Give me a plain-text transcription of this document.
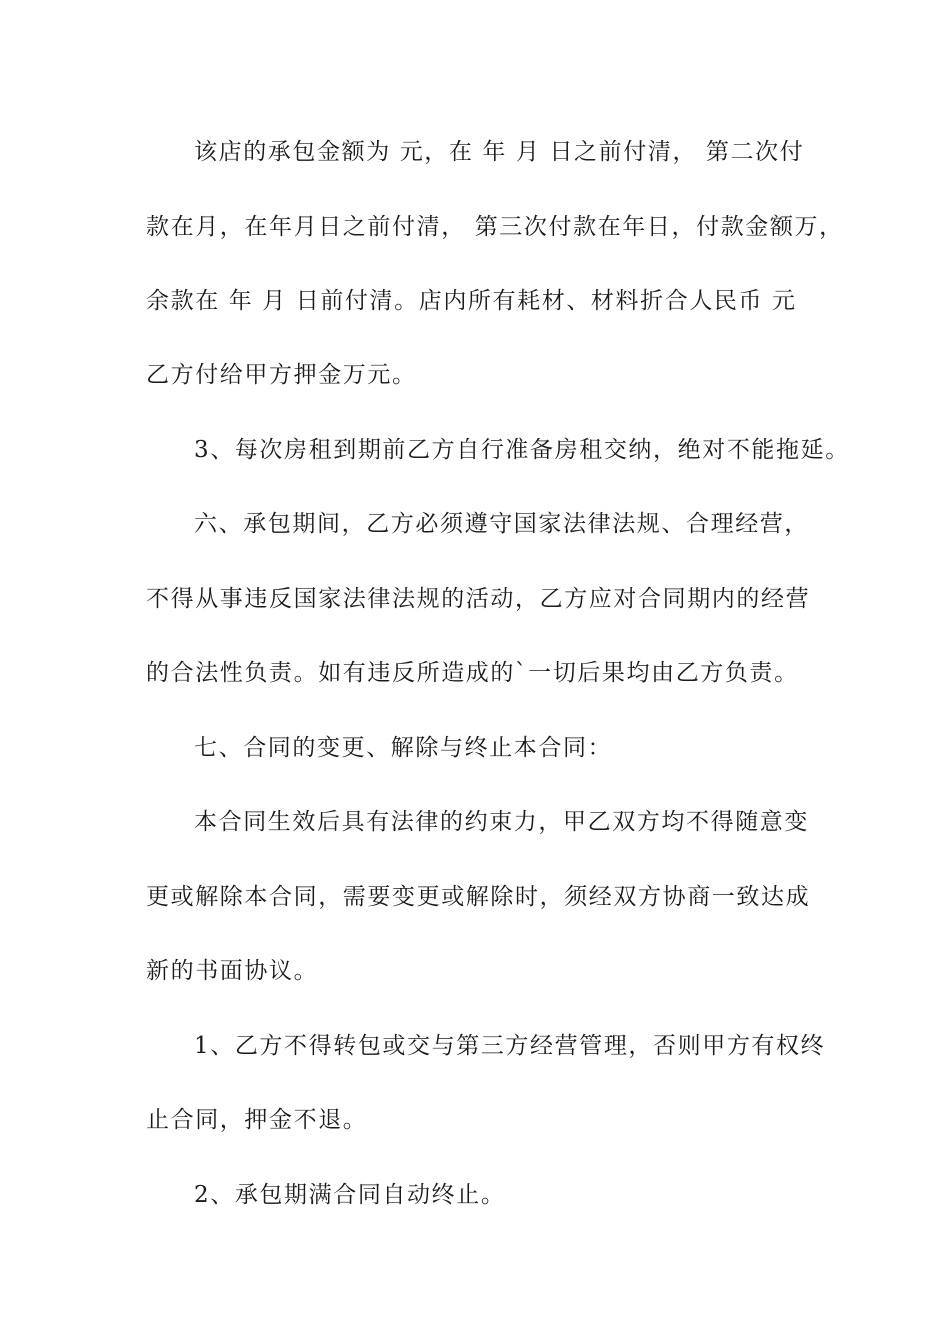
该店的承包金额为 元，在 年 月 日之前付清， 第二次付
款在月，在年月日之前付清， 第三次付款在年日，付款金额万，
余款在 年 月 日前付清。店内所有耗材、材料折合人民币 元
乙方付给甲方押金万元。
3、每次房租到期前乙方自行准备房租交纳，绝对不能拖延。
六、承包期间，乙方必须遵守国家法律法规、合理经营，
不得从事违反国家法律法规的活动，乙方应对合同期内的经营
的合法性负责。如有违反所造成的`一切后果均由乙方负责。
七、合同的变更、解除与终止本合同：
本合同生效后具有法律的约束力，甲乙双方均不得随意变
更或解除本合同，需要变更或解除时，须经双方协商一致达成
新的书面协议。
1、乙方不得转包或交与第三方经营管理，否则甲方有权终
止合同，押金不退。
2、承包期满合同自动终止。
